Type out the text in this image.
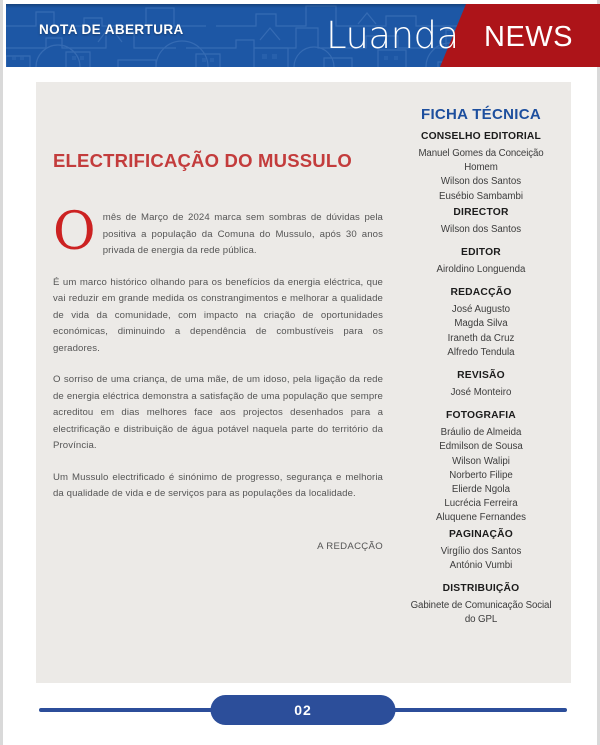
NOTA DE ABERTURA	Luanda NEWS
ELECTRIFICAÇÃO DO MUSSULO

Omês de Março de 2024 marca sem sombras de dúvidas pela positiva a população da Comuna do Mussulo, após 30 anos privada de energia da rede pública.

É um marco histórico olhando para os benefícios da energia eléctrica, que vai reduzir em grande medida os constrangimentos e melhorar a qualidade de vida da comunidade, com impacto na criação de oportunidades económicas, diminuindo a dependência de combustíveis para os geradores.

O sorriso de uma criança, de uma mãe, de um idoso, pela ligação da rede de energia eléctrica demonstra a satisfação de uma população que sempre acreditou em dias melhores face aos projectos desenhados para a electrificação e distribuição de água potável naquela parte do território da Província.

Um Mussulo electrificado é sinónimo de progresso, segurança e melhoria da qualidade de vida e de serviços para as populações da localidade.

A REDACÇÃO

FICHA TÉCNICA
CONSELHO EDITORIAL
Manuel Gomes da Conceição Homem
Wilson dos Santos
Eusébio Sambambi
DIRECTOR
Wilson dos Santos
EDITOR
Airoldino Longuenda
REDACÇÃO
José Augusto
Magda Silva
Iraneth da Cruz
Alfredo Tendula
REVISÃO
José Monteiro
FOTOGRAFIA
Bráulio de Almeida
Edmilson de Sousa
Wilson Walipi
Norberto Filipe
Elierde Ngola
Lucrécia Ferreira
Aluquene Fernandes
PAGINAÇÃO
Virgílio dos Santos
António Vumbi
DISTRIBUIÇÃO
Gabinete de Comunicação Social do GPL
02
